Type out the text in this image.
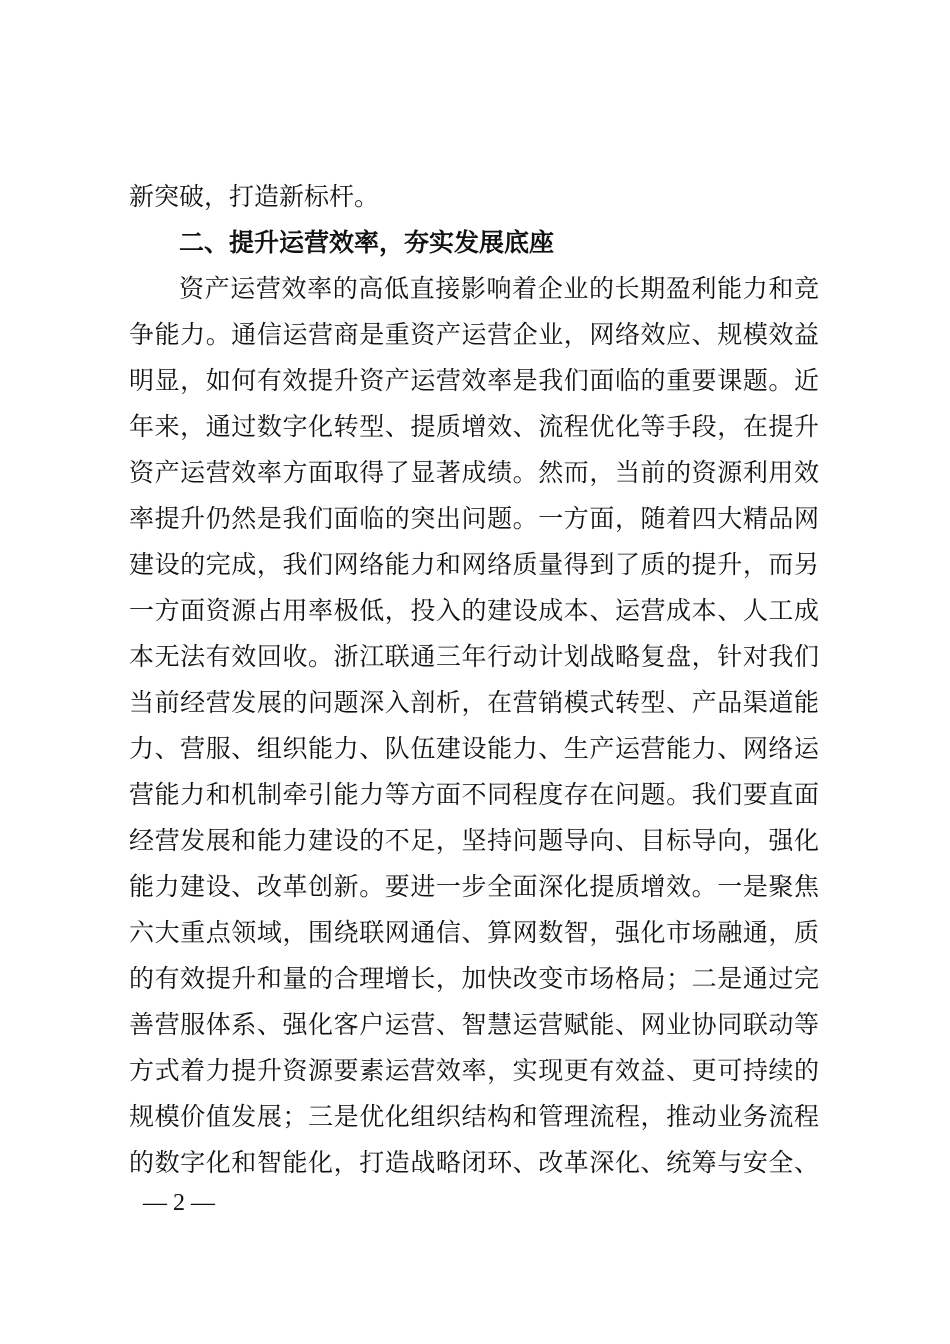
新突破，打造新标杆。
二、提升运营效率，夯实发展底座
资产运营效率的高低直接影响着企业的长期盈利能力和竞
争能力。通信运营商是重资产运营企业，网络效应、规模效益
明显，如何有效提升资产运营效率是我们面临的重要课题。近
年来，通过数字化转型、提质增效、流程优化等手段，在提升
资产运营效率方面取得了显著成绩。然而，当前的资源利用效
率提升仍然是我们面临的突出问题。一方面，随着四大精品网
建设的完成，我们网络能力和网络质量得到了质的提升，而另
一方面资源占用率极低，投入的建设成本、运营成本、人工成
本无法有效回收。浙江联通三年行动计划战略复盘，针对我们
当前经营发展的问题深入剖析，在营销模式转型、产品渠道能
力、营服、组织能力、队伍建设能力、生产运营能力、网络运
营能力和机制牵引能力等方面不同程度存在问题。我们要直面
经营发展和能力建设的不足，坚持问题导向、目标导向，强化
能力建设、改革创新。要进一步全面深化提质增效。一是聚焦
六大重点领域，围绕联网通信、算网数智，强化市场融通，质
的有效提升和量的合理增长，加快改变市场格局；二是通过完
善营服体系、强化客户运营、智慧运营赋能、网业协同联动等
方式着力提升资源要素运营效率，实现更有效益、更可持续的
规模价值发展；三是优化组织结构和管理流程，推动业务流程
的数字化和智能化，打造战略闭环、改革深化、统筹与安全、
— 2 —
